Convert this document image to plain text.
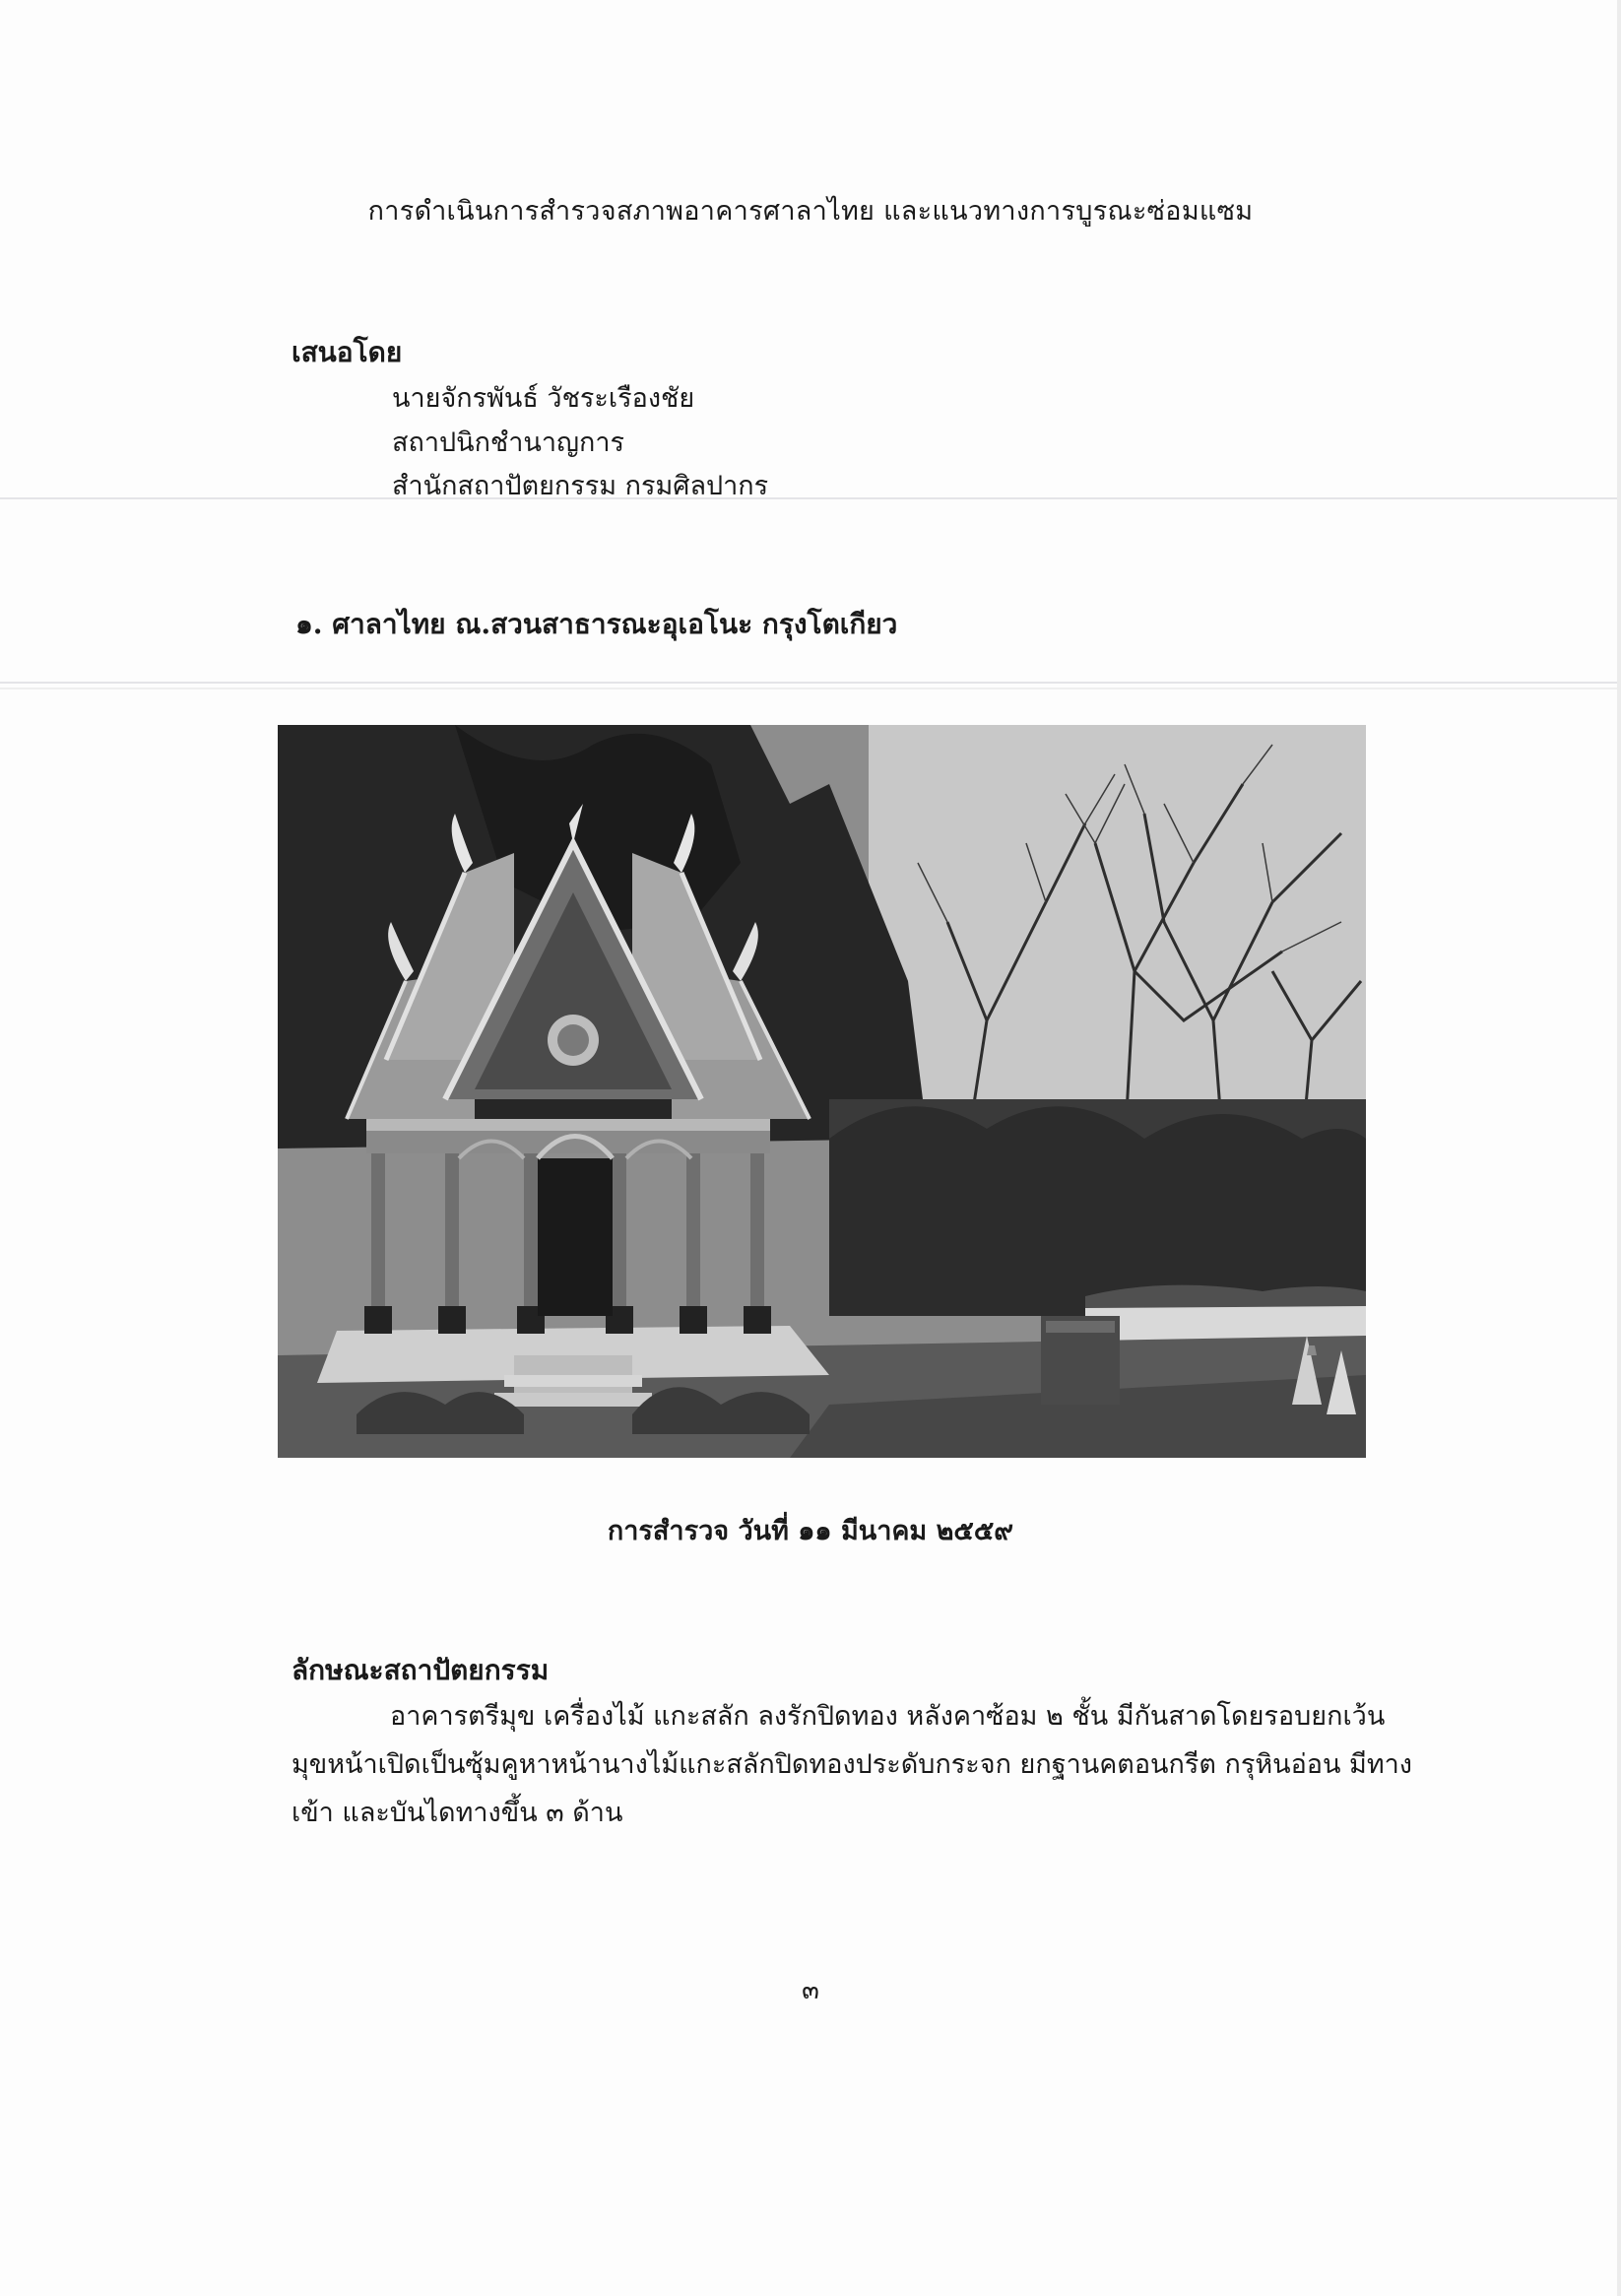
การดำเนินการสำรวจสภาพอาคารศาลาไทย และแนวทางการบูรณะซ่อมแซม
เสนอโดย
นายจักรพันธ์ วัชระเรืองชัย
สถาปนิกชำนาญการ
สำนักสถาปัตยกรรม กรมศิลปากร
๑. ศาลาไทย ณ.สวนสาธารณะอุเอโนะ กรุงโตเกียว
การสำรวจ วันที่ ๑๑ มีนาคม ๒๕๕๙
ลักษณะสถาปัตยกรรม
อาคารตรีมุข เครื่องไม้ แกะสลัก ลงรักปิดทอง หลังคาซ้อม ๒ ชั้น มีกันสาดโดยรอบยกเว้น มุขหน้าเปิดเป็นซุ้มคูหาหน้านางไม้แกะสลักปิดทองประดับกระจก ยกฐานคตอนกรีต กรุหินอ่อน มีทางเข้า และบันไดทางขึ้น ๓ ด้าน
๓
